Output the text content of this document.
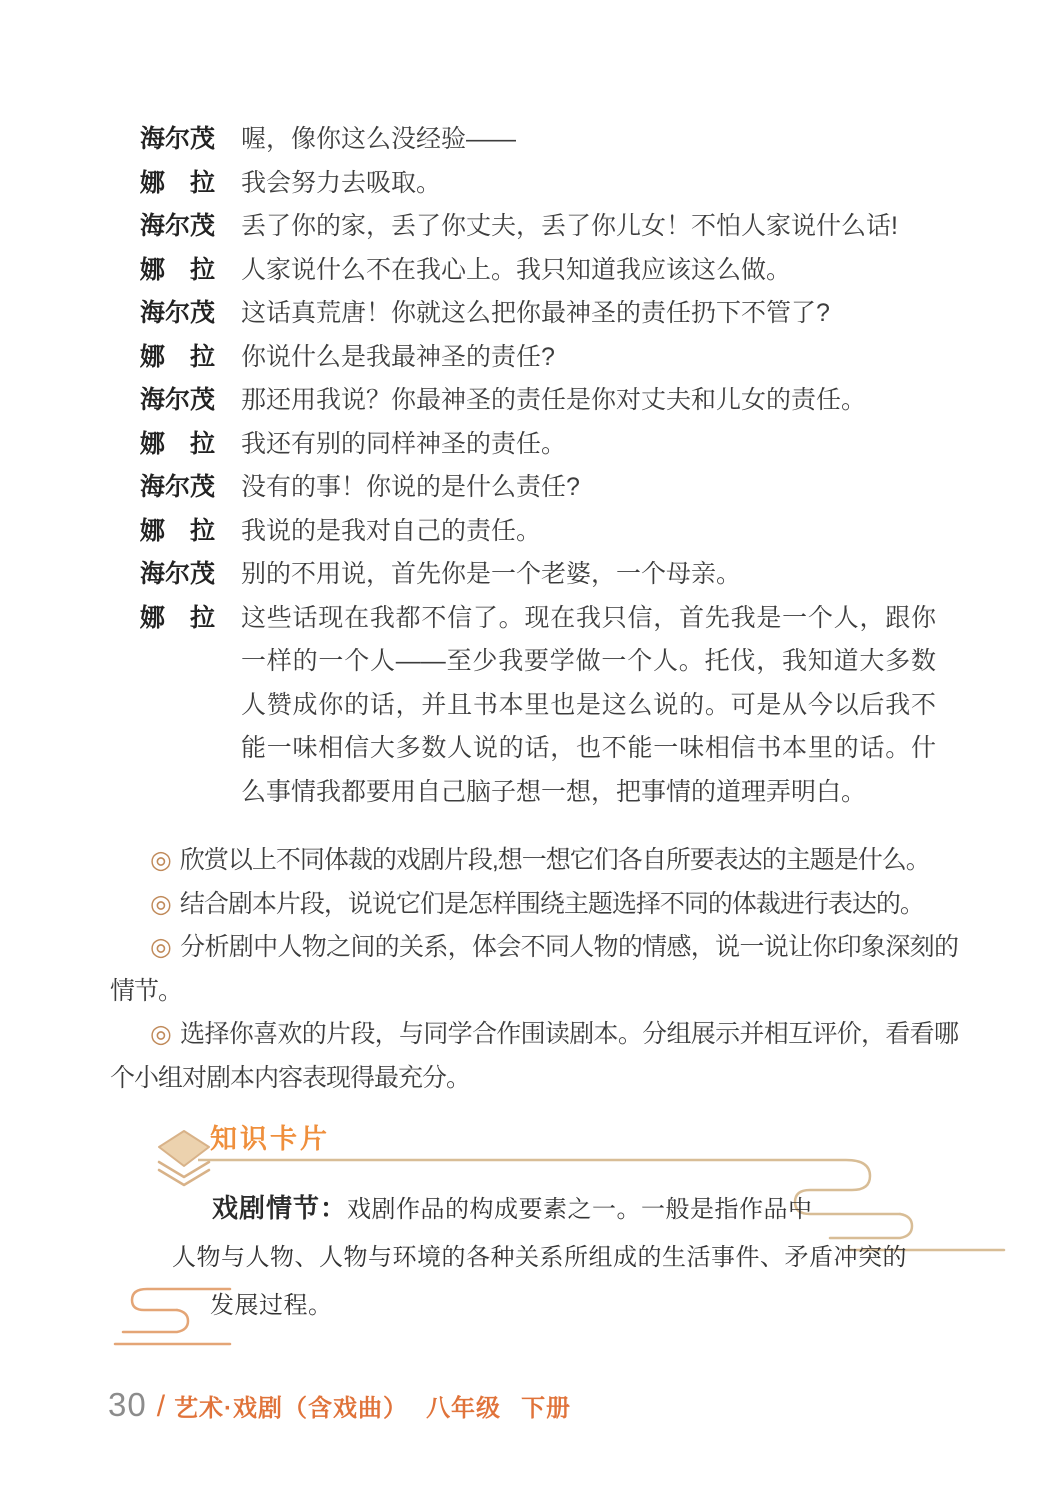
海尔茂 喔，像你这么没经验——
娜　拉 我会努力去吸取。
海尔茂 丢了你的家，丢了你丈夫，丢了你儿女！不怕人家说什么话!
娜　拉 人家说什么不在我心上。我只知道我应该这么做。
海尔茂 这话真荒唐！你就这么把你最神圣的责任扔下不管了?
娜　拉 你说什么是我最神圣的责任?
海尔茂 那还用我说？你最神圣的责任是你对丈夫和儿女的责任。
娜　拉 我还有别的同样神圣的责任。
海尔茂 没有的事！你说的是什么责任?
娜　拉 我说的是我对自己的责任。
海尔茂 别的不用说，首先你是一个老婆，一个母亲。
娜　拉 这些话现在我都不信了。现在我只信，首先我是一个人，跟你一样的一个人——至少我要学做一个人。托伐，我知道大多数人赞成你的话，并且书本里也是这么说的。可是从今以后我不能一味相信大多数人说的话，也不能一味相信书本里的话。什么事情我都要用自己脑子想一想，把事情的道理弄明白。

◎ 欣赏以上不同体裁的戏剧片段,想一想它们各自所要表达的主题是什么。

◎ 结合剧本片段，说说它们是怎样围绕主题选择不同的体裁进行表达的。

◎ 分析剧中人物之间的关系，体会不同人物的情感，说一说让你印象深刻的情节。

◎ 选择你喜欢的片段，与同学合作围读剧本。分组展示并相互评价，看看哪个小组对剧本内容表现得最充分。

知识卡片
戏剧情节：戏剧作品的构成要素之一。一般是指作品中
人物与人物、人物与环境的各种关系所组成的生活事件、矛盾冲突的
发展过程。
30 / 艺术·戏剧（含戏曲） 八年级 下册
